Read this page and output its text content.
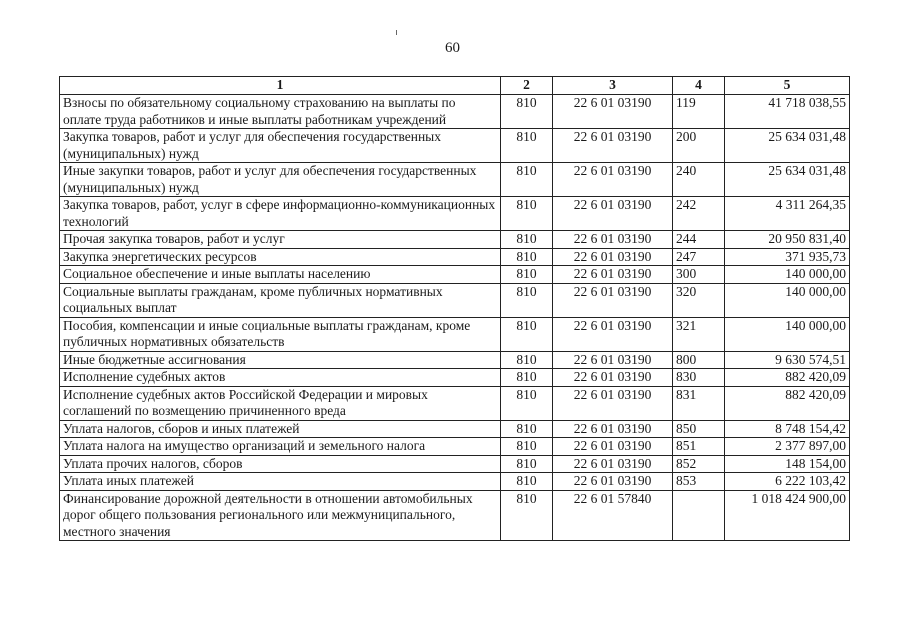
60
1	2	3	4	5
Взносы по обязательному социальному страхованию на выплаты по оплате труда работников и иные выплаты работникам учреждений	810	22 6 01 03190	119	41 718 038,55
Закупка товаров, работ и услуг для обеспечения государственных (муниципальных) нужд	810	22 6 01 03190	200	25 634 031,48
Иные закупки товаров, работ и услуг для обеспечения государственных (муниципальных) нужд	810	22 6 01 03190	240	25 634 031,48
Закупка товаров, работ, услуг в сфере информационно-коммуникационных технологий	810	22 6 01 03190	242	4 311 264,35
Прочая закупка товаров, работ и услуг	810	22 6 01 03190	244	20 950 831,40
Закупка энергетических ресурсов	810	22 6 01 03190	247	371 935,73
Социальное обеспечение и иные выплаты населению	810	22 6 01 03190	300	140 000,00
Социальные выплаты гражданам, кроме публичных нормативных социальных выплат	810	22 6 01 03190	320	140 000,00
Пособия, компенсации и иные социальные выплаты гражданам, кроме публичных нормативных обязательств	810	22 6 01 03190	321	140 000,00
Иные бюджетные ассигнования	810	22 6 01 03190	800	9 630 574,51
Исполнение судебных актов	810	22 6 01 03190	830	882 420,09
Исполнение судебных актов Российской Федерации и мировых соглашений по возмещению причиненного вреда	810	22 6 01 03190	831	882 420,09
Уплата налогов, сборов и иных платежей	810	22 6 01 03190	850	8 748 154,42
Уплата налога на имущество организаций и земельного налога	810	22 6 01 03190	851	2 377 897,00
Уплата прочих налогов, сборов	810	22 6 01 03190	852	148 154,00
Уплата иных платежей	810	22 6 01 03190	853	6 222 103,42
Финансирование дорожной деятельности в отношении автомобильных дорог общего пользования регионального или межмуниципального, местного значения	810	22 6 01 57840		1 018 424 900,00
